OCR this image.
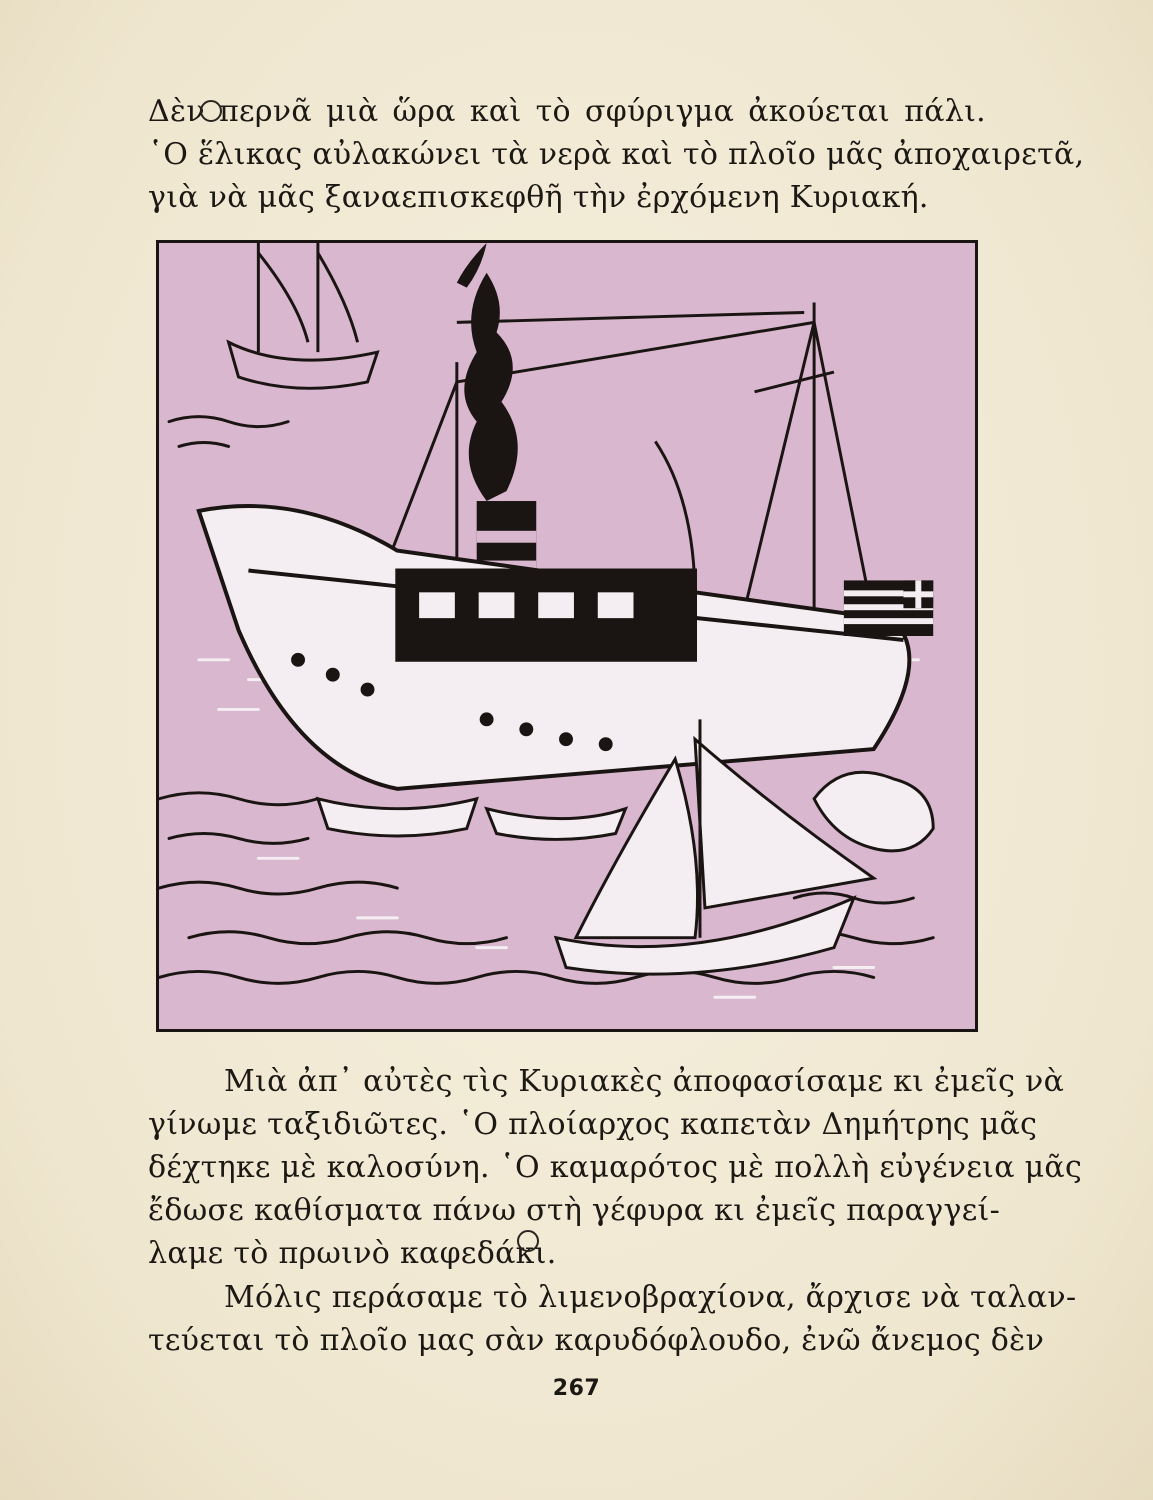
Δὲν περνᾶ μιὰ ὥρα καὶ τὸ σφύριγμα ἀκούεται πάλι.
῾Ο ἕλικας αὐλακώνει τὰ νερὰ καὶ τὸ πλοῖο μᾶς ἀποχαιρετᾶ,
γιὰ νὰ μᾶς ξαναεπισκεφθῆ τὴν ἐρχόμενη Κυριακή.
Μιὰ ἀπ᾽ αὐτὲς τὶς Κυριακὲς ἀποφασίσαμε κι ἐμεῖς νὰ
γίνωμε ταξιδιῶτες. ῾Ο πλοίαρχος καπετὰν Δημήτρης μᾶς
δέχτηκε μὲ καλοσύνη. ῾Ο καμαρότος μὲ πολλὴ εὐγένεια μᾶς
ἔδωσε καθίσματα πάνω στὴ γέφυρα κι ἐμεῖς παραγγεί-
λαμε τὸ πρωινὸ καφεδάκι.
Μόλις περάσαμε τὸ λιμενοβραχίονα, ἄρχισε νὰ ταλαν-
τεύεται τὸ πλοῖο μας σὰν καρυδόφλουδο, ἐνῶ ἄνεμος δὲν
267
